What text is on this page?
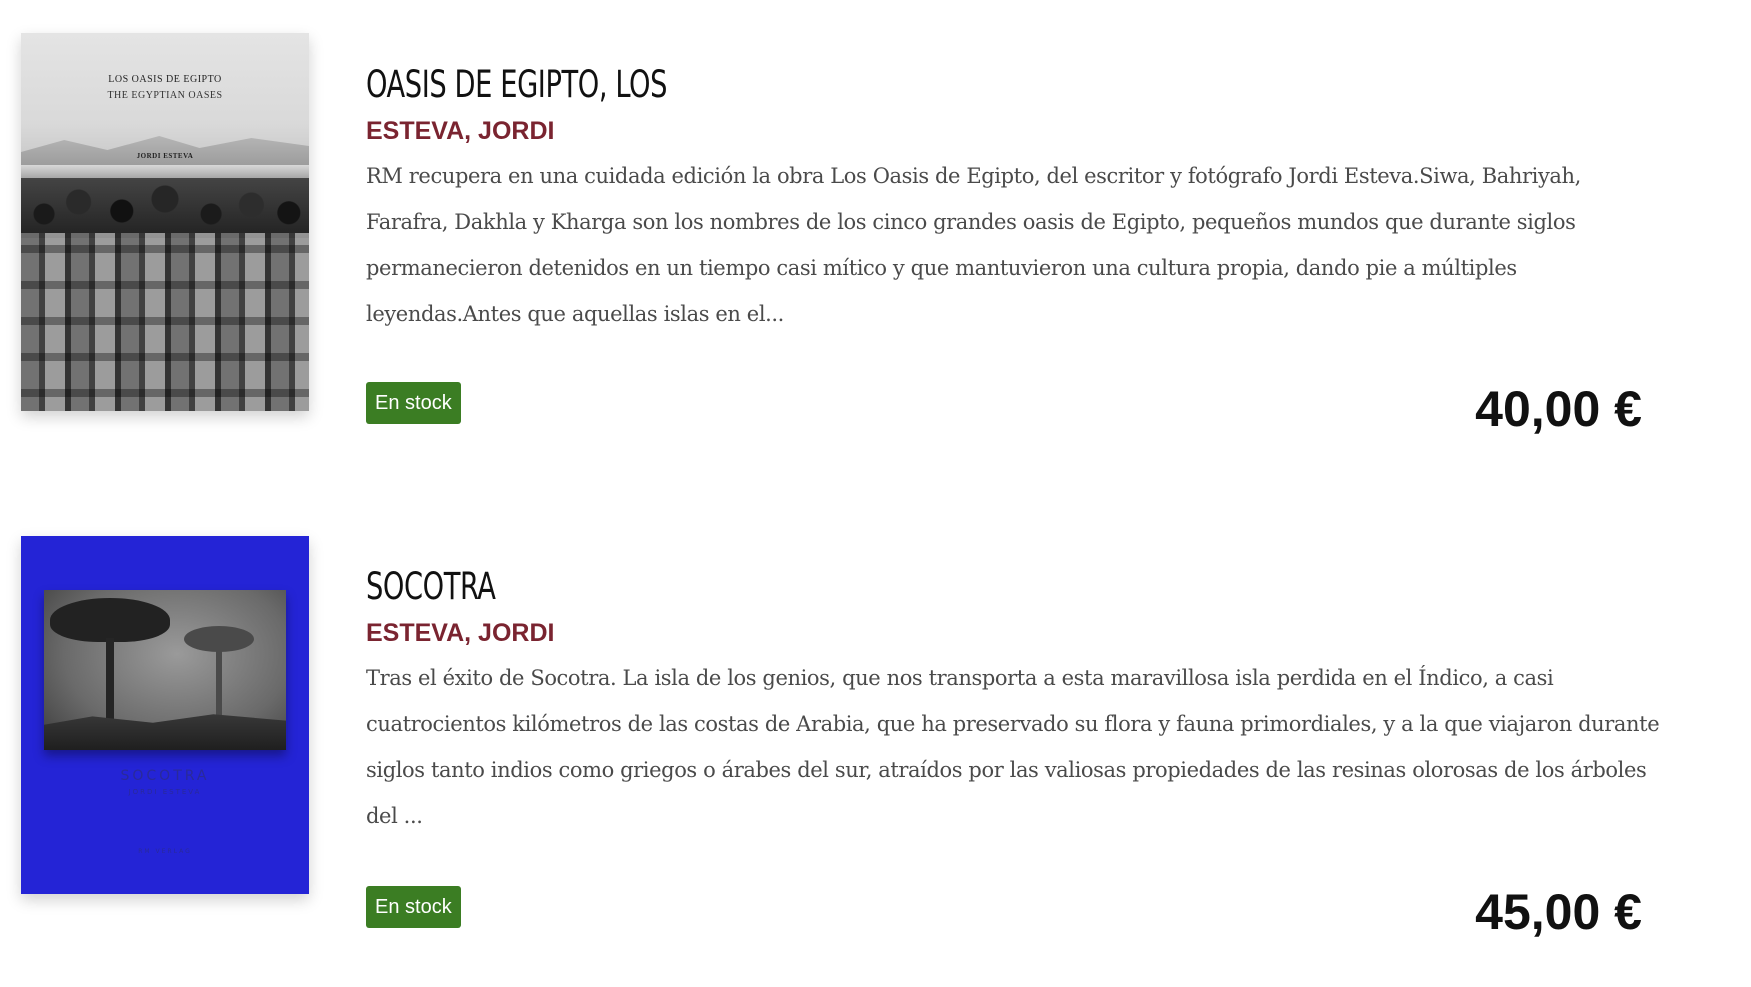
LOS OASIS DE EGIPTO
THE EGYPTIAN OASES
JORDI ESTEVA
OASIS DE EGIPTO, LOS
ESTEVA, JORDI

RM recupera en una cuidada edición la obra Los Oasis de Egipto, del escritor y fotógrafo Jordi Esteva.Siwa, Bahriyah, Farafra, Dakhla y Kharga son los nombres de los cinco grandes oasis de Egipto, pequeños mundos que durante siglos permanecieron detenidos en un tiempo casi mítico y que mantuvieron una cultura propia, dando pie a múltiples leyendas.Antes que aquellas islas en el...

En stock	40,00 €
SOCOTRA
JORDI ESTEVA
RM VERLAG
SOCOTRA
ESTEVA, JORDI

Tras el éxito de Socotra. La isla de los genios, que nos transporta a esta maravillosa isla perdida en el Índico, a casi cuatrocientos kilómetros de las costas de Arabia, que ha preservado su flora y fauna primordiales, y a la que viajaron durante siglos tanto indios como griegos o árabes del sur, atraídos por las valiosas propiedades de las resinas olorosas de los árboles del ...

En stock	45,00 €
